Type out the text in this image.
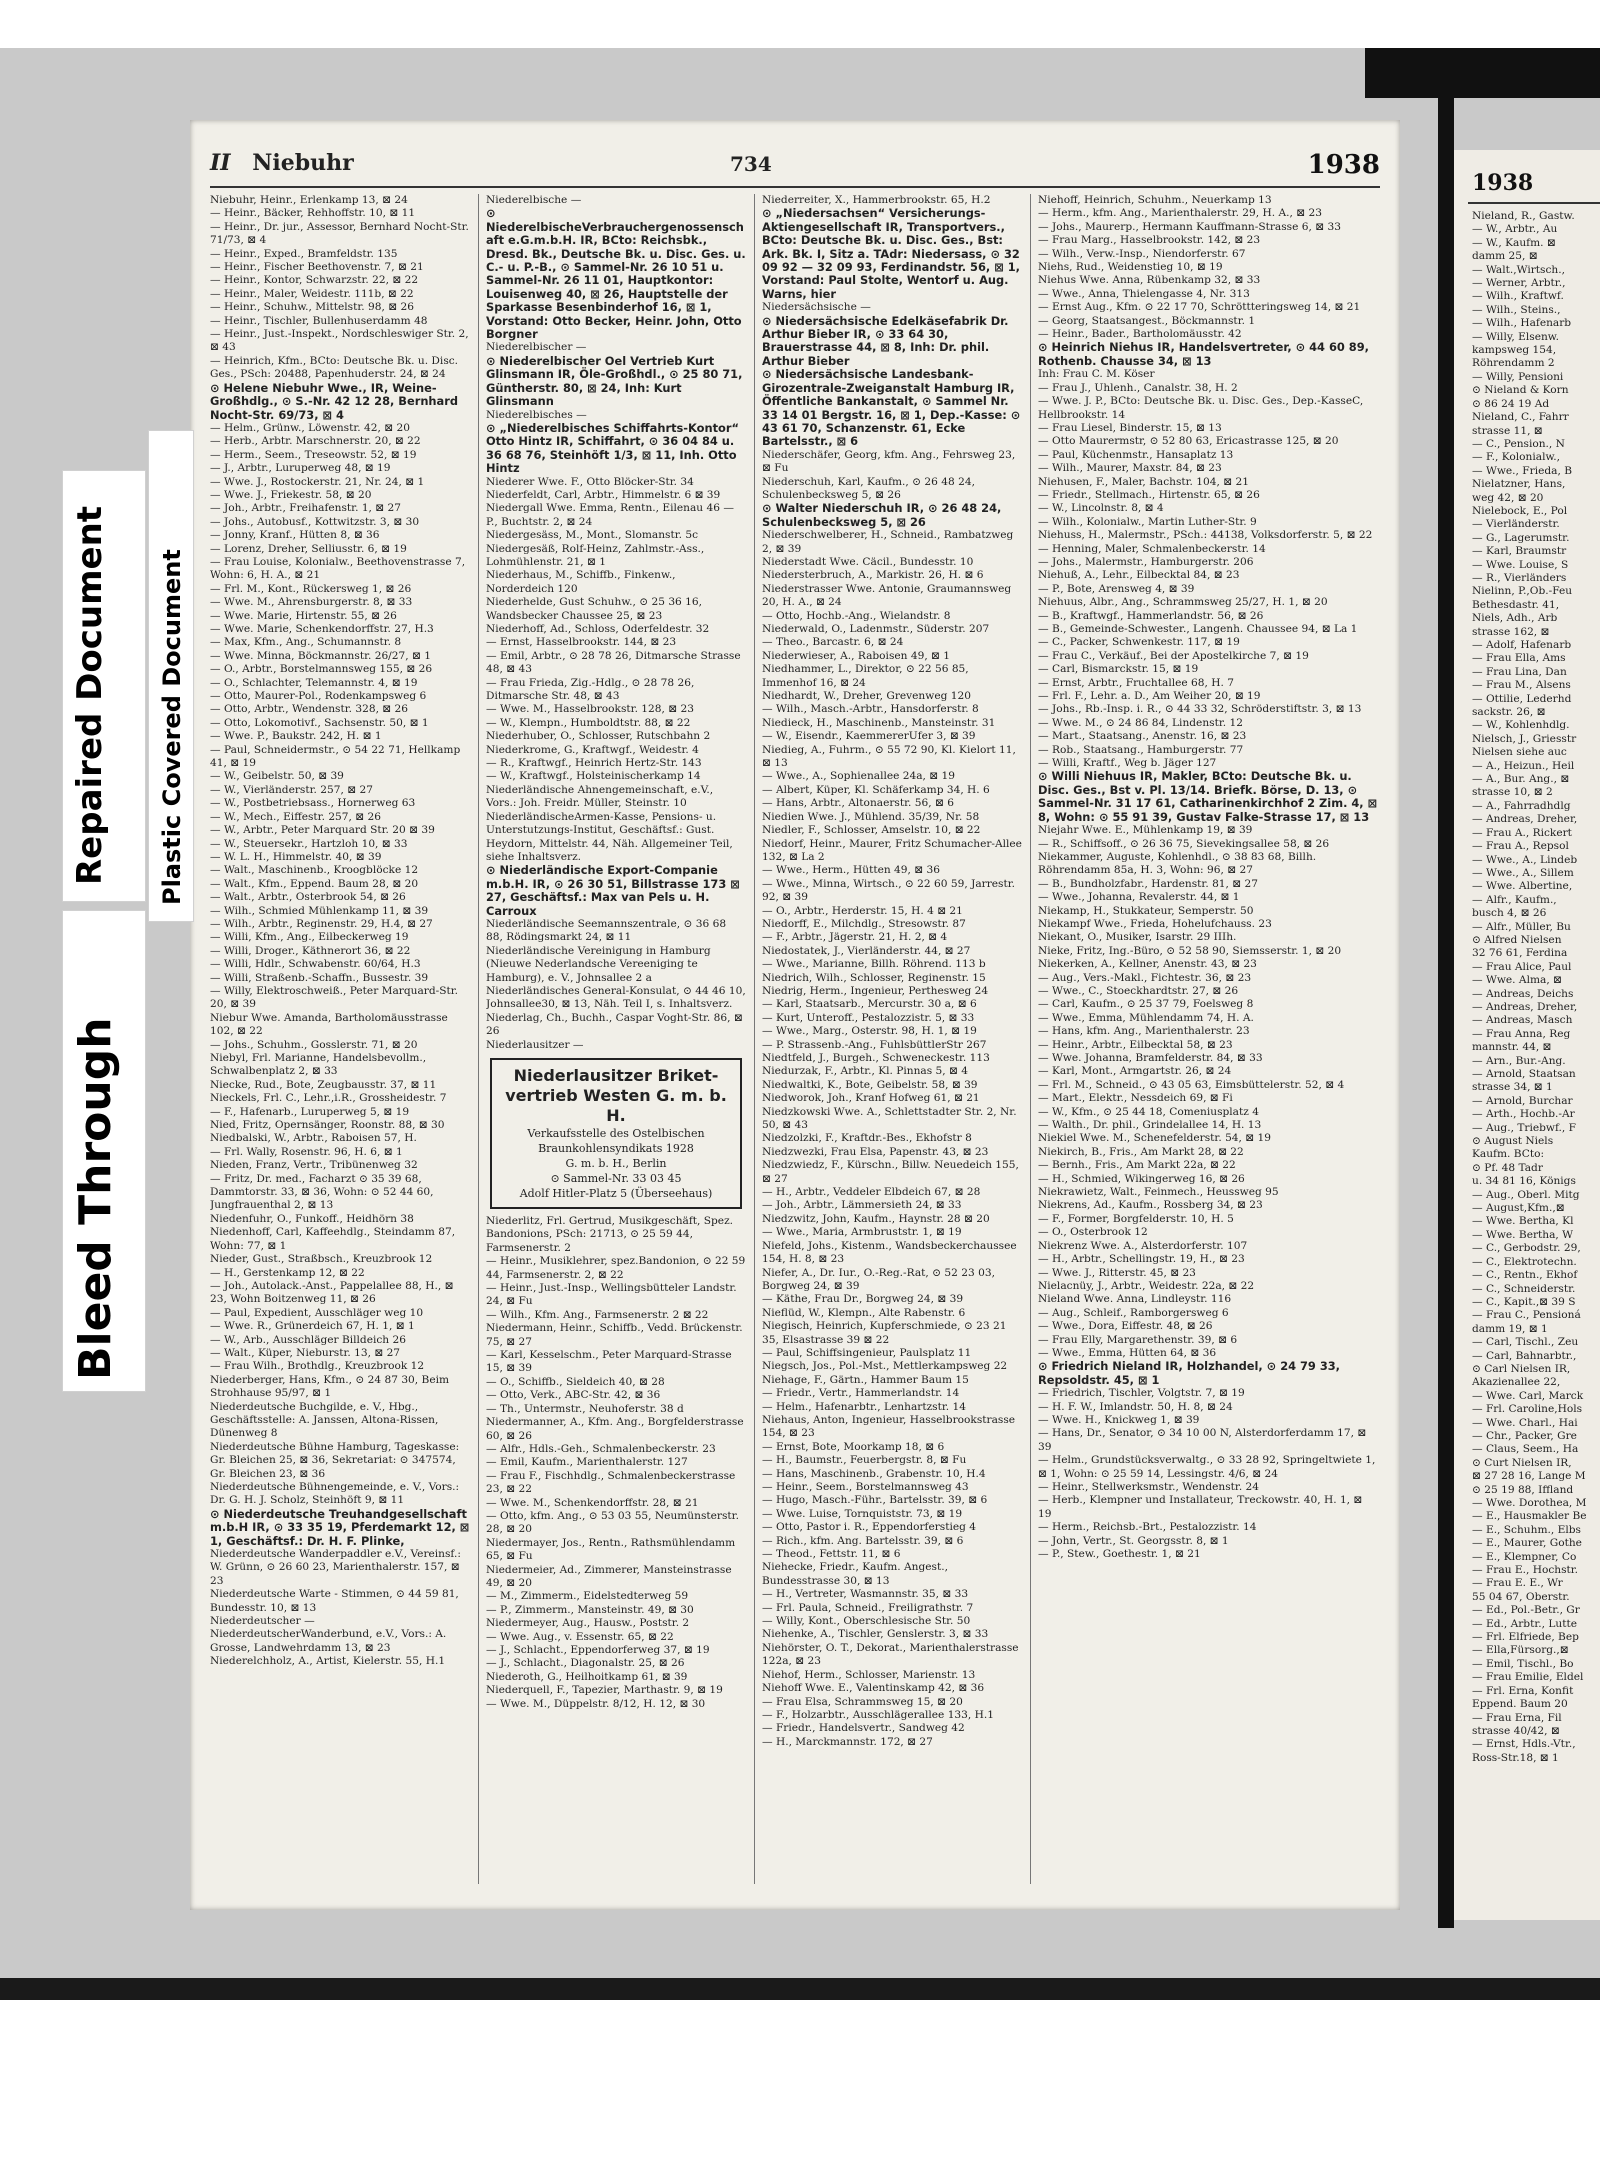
II Niebuhr	734	1938
Niebuhr, Heinr., Erlenkamp 13, ⊠ 24
— Heinr., Bäcker, Rehhoffstr. 10, ⊠ 11
— Heinr., Dr. jur., Assessor, Bernhard Nocht-Str. 71/73, ⊠ 4
— Heinr., Exped., Bramfeldstr. 135
— Heinr., Fischer Beethovenstr. 7, ⊠ 21
— Heinr., Kontor, Schwarzstr. 22, ⊠ 22
— Heinr., Maler, Weidestr. 111b, ⊠ 22
— Heinr., Schuhw., Mittelstr. 98, ⊠ 26
— Heinr., Tischler, Bullenhuserdamm 48
— Heinr., Just.-Inspekt., Nordschleswiger Str. 2, ⊠ 43
— Heinrich, Kfm., BCto: Deutsche Bk. u. Disc. Ges., PSch: 20488, Papenhuderstr. 24, ⊠ 24
⊙ Helene Niebuhr Wwe., IR, Weine-Großhdlg., ⊙ S.-Nr. 42 12 28, Bernhard Nocht-Str. 69/73, ⊠ 4
— Helm., Grünw., Löwenstr. 42, ⊠ 20
— Herb., Arbtr. Marschnerstr. 20, ⊠ 22
— Herm., Seem., Treseowstr. 52, ⊠ 19
— J., Arbtr., Luruperweg 48, ⊠ 19
— Wwe. J., Rostockerstr. 21, Nr. 24, ⊠ 1
— Wwe. J., Friekestr. 58, ⊠ 20
— Joh., Arbtr., Freihafenstr. 1, ⊠ 27
— Johs., Autobusf., Kottwitzstr. 3, ⊠ 30
— Jonny, Kranf., Hütten 8, ⊠ 36
— Lorenz, Dreher, Selliusstr. 6, ⊠ 19
— Frau Louise, Kolonialw., Beethovenstrasse 7, Wohn: 6, H. A., ⊠ 21
— Frl. M., Kont., Rückersweg 1, ⊠ 26
— Wwe. M., Ahrensburgerstr. 8, ⊠ 33
— Wwe. Marie, Hirtenstr. 55, ⊠ 26
— Wwe. Marie, Schenkendorffstr. 27, H.3
— Max, Kfm., Ang., Schumannstr. 8
— Wwe. Minna, Böckmannstr. 26/27, ⊠ 1
— O., Arbtr., Borstelmannsweg 155, ⊠ 26
— O., Schlachter, Telemannstr. 4, ⊠ 19
— Otto, Maurer-Pol., Rodenkampsweg 6
— Otto, Arbtr., Wendenstr. 328, ⊠ 26
— Otto, Lokomotivf., Sachsenstr. 50, ⊠ 1
— Wwe. P., Baukstr. 242, H. ⊠ 1
— Paul, Schneidermstr., ⊙ 54 22 71, Hellkamp 41, ⊠ 19
— W., Geibelstr. 50, ⊠ 39
— W., Vierländerstr. 257, ⊠ 27
— W., Postbetriebsass., Hornerweg 63
— W., Mech., Eiffestr. 257, ⊠ 26
— W., Arbtr., Peter Marquard Str. 20 ⊠ 39
— W., Steuersekr., Hartzloh 10, ⊠ 33
— W. L. H., Himmelstr. 40, ⊠ 39
— Walt., Maschinenb., Kroogblöcke 12
— Walt., Kfm., Eppend. Baum 28, ⊠ 20
— Walt., Arbtr., Osterbrook 54, ⊠ 26
— Wilh., Schmied Mühlenkamp 11, ⊠ 39
— Wilh., Arbtr., Reginenstr. 29, H.4, ⊠ 27
— Willi, Kfm., Ang., Eilbeckerweg 19
— Willi, Droger., Käthnerort 36, ⊠ 22
— Willi, Hdlr., Schwabenstr. 60/64, H.3
— Willi, Straßenb.-Schaffn., Bussestr. 39
— Willy, Elektroschweiß., Peter Marquard-Str. 20, ⊠ 39
Niebur Wwe. Amanda, Bartholomäusstrasse 102, ⊠ 22
— Johs., Schuhm., Gosslerstr. 71, ⊠ 20
Niebyl, Frl. Marianne, Handelsbevollm., Schwalbenplatz 2, ⊠ 33
Niecke, Rud., Bote, Zeugbausstr. 37, ⊠ 11
Nieckels, Frl. C., Lehr.,i.R., Grossheidestr. 7
— F., Hafenarb., Luruperweg 5, ⊠ 19
Nied, Fritz, Opernsänger, Roonstr. 88, ⊠ 30
Niedbalski, W., Arbtr., Raboisen 57, H.
— Frl. Wally, Rosenstr. 96, H. 6, ⊠ 1
Nieden, Franz, Vertr., Tribünenweg 32
— Fritz, Dr. med., Facharzt ⊙ 35 39 68, Dammtorstr. 33, ⊠ 36, Wohn: ⊙ 52 44 60, Jungfrauenthal 2, ⊠ 13
Niedenfuhr, O., Funkoff., Heidhörn 38
Niedenhoff, Carl, Kaffeehdlg., Steindamm 87, Wohn: 77, ⊠ 1
Nieder, Gust., Straßbsch., Kreuzbrook 12
— H., Gerstenkamp 12, ⊠ 22
— Joh., Autolack.-Anst., Pappelallee 88, H., ⊠ 23, Wohn Boitzenweg 11, ⊠ 26
— Paul, Expedient, Ausschläger weg 10
— Wwe. R., Grünerdeich 67, H. 1, ⊠ 1
— W., Arb., Ausschläger Billdeich 26
— Walt., Küper, Nieburstr. 13, ⊠ 27
— Frau Wilh., Brothdlg., Kreuzbrook 12
Niederberger, Hans, Kfm., ⊙ 24 87 30, Beim Strohhause 95/97, ⊠ 1
Niederdeutsche Buchgilde, e. V., Hbg., Geschäftsstelle: A. Janssen, Altona-Rissen, Dünenweg 8
Niederdeutsche Bühne Hamburg, Tageskasse: Gr. Bleichen 25, ⊠ 36, Sekretariat: ⊙ 347574, Gr. Bleichen 23, ⊠ 36
Niederdeutsche Bühnengemeinde, e. V., Vors.: Dr. G. H. J. Scholz, Steinhöft 9, ⊠ 11
⊙ Niederdeutsche Treuhandgesellschaft m.b.H IR, ⊙ 33 35 19, Pferdemarkt 12, ⊠ 1, Geschäftsf.: Dr. H. F. Plinke,
Niederdeutsche Wanderpaddler e.V., Vereinsf.: W. Grünn, ⊙ 26 60 23, Marienthalerstr. 157, ⊠ 23
Niederdeutsche Warte - Stimmen, ⊙ 44 59 81, Bundesstr. 10, ⊠ 13
Niederdeutscher —
NiederdeutscherWanderbund, e.V., Vors.: A. Grosse, Landwehrdamm 13, ⊠ 23
Niederelchholz, A., Artist, Kielerstr. 55, H.1
Niederelbische —
⊙ NiederelbischeVerbrauchergenossenschaft e.G.m.b.H. IR, BCto: Reichsbk., Dresd. Bk., Deutsche Bk. u. Disc. Ges. u. C.- u. P.-B., ⊙ Sammel-Nr. 26 10 51 u. Sammel-Nr. 26 11 01, Hauptkontor: Louisenweg 40, ⊠ 26, Hauptstelle der Sparkasse Besenbinderhof 16, ⊠ 1, Vorstand: Otto Becker, Heinr. John, Otto Borgner
Niederelbischer —
⊙ Niederelbischer Oel Vertrieb Kurt Glinsmann IR, Öle-Großhdl., ⊙ 25 80 71, Güntherstr. 80, ⊠ 24, Inh: Kurt Glinsmann
Niederelbisches —
⊙ „Niederelbisches Schiffahrts-Kontor“ Otto Hintz IR, Schiffahrt, ⊙ 36 04 84 u. 36 68 76, Steinhöft 1/3, ⊠ 11, Inh. Otto Hintz
Niederer Wwe. F., Otto Blöcker-Str. 34
Niederfeldt, Carl, Arbtr., Himmelstr. 6 ⊠ 39
Niedergall Wwe. Emma, Rentn., Eilenau 46 — P., Buchtstr. 2, ⊠ 24
Niedergesäss, M., Mont., Slomanstr. 5c
Niedergesäß, Rolf-Heinz, Zahlmstr.-Ass., Lohmühlenstr. 21, ⊠ 1
Niederhaus, M., Schiffb., Finkenw., Norderdeich 120
Niederhelde, Gust Schuhw., ⊙ 25 36 16, Wandsbecker Chaussee 25, ⊠ 23
Niederhoff, Ad., Schloss, Oderfeldestr. 32
— Ernst, Hasselbrookstr. 144, ⊠ 23
— Emil, Arbtr., ⊙ 28 78 26, Ditmarsche Strasse 48, ⊠ 43
— Frau Frieda, Zig.-Hdlg., ⊙ 28 78 26, Ditmarsche Str. 48, ⊠ 43
— Wwe. M., Hasselbrookstr. 128, ⊠ 23
— W., Klempn., Humboldtstr. 88, ⊠ 22
Niederhuber, O., Schlosser, Rutschbahn 2
Niederkrome, G., Kraftwgf., Weidestr. 4
— R., Kraftwgf., Heinrich Hertz-Str. 143
— W., Kraftwgf., Holsteinischerkamp 14
Niederländische Ahnengemeinschaft, e.V., Vors.: Joh. Freidr. Müller, Steinstr. 10
NiederländischeArmen-Kasse, Pensions- u. Unterstutzungs-Institut, Geschäftsf.: Gust. Heydorn, Mittelstr. 44, Näh. Allgemeiner Teil, siehe Inhaltsverz.
⊙ Niederländische Export-Companie m.b.H. IR, ⊙ 26 30 51, Billstrasse 173 ⊠ 27, Geschäftsf.: Max van Pels u. H. Carroux
Niederländische Seemannszentrale, ⊙ 36 68 88, Rödingsmarkt 24, ⊠ 11
Niederländische Vereinigung in Hamburg (Nieuwe Nederlandsche Vereeniging te Hamburg), e. V., Johnsallee 2 a
Niederländisches General-Konsulat, ⊙ 44 46 10, Johnsallee30, ⊠ 13, Näh. Teil I, s. Inhaltsverz.
Niederlag, Ch., Buchh., Caspar Voght-Str. 86, ⊠ 26
Niederlausitzer —
Niederlausitzer Briket-
vertrieb Westen G. m. b. H.
Verkaufsstelle des Ostelbischen
Braunkohlensyndikats 1928
G. m. b. H., Berlin
⊙ Sammel-Nr. 33 03 45
Adolf Hitler-Platz 5 (Überseehaus)
Niederlitz, Frl. Gertrud, Musikgeschäft, Spez. Bandonions, PSch: 21713, ⊙ 25 59 44, Farmsenerstr. 2
— Heinr., Musiklehrer, spez.Bandonion, ⊙ 22 59 44, Farmsenerstr. 2, ⊠ 22
— Heinr., Just.-Insp., Wellingsbütteler Landstr. 24, ⊠ Fu
— Wilh., Kfm. Ang., Farmsenerstr. 2 ⊠ 22
Niedermann, Heinr., Schiffb., Vedd. Brückenstr. 75, ⊠ 27
— Karl, Kesselschm., Peter Marquard-Strasse 15, ⊠ 39
— O., Schiffb., Sieldeich 40, ⊠ 28
— Otto, Verk., ABC-Str. 42, ⊠ 36
— Th., Untermstr., Neuhoferstr. 38 d
Niedermanner, A., Kfm. Ang., Borgfelderstrasse 60, ⊠ 26
— Alfr., Hdls.-Geh., Schmalenbeckerstr. 23
— Emil, Kaufm., Marienthalerstr. 127
— Frau F., Fischhdlg., Schmalenbeckerstrasse 23, ⊠ 22
— Wwe. M., Schenkendorffstr. 28, ⊠ 21
— Otto, kfm. Ang., ⊙ 53 03 55, Neumünsterstr. 28, ⊠ 20
Niedermayer, Jos., Rentn., Rathsmühlendamm 65, ⊠ Fu
Niedermeier, Ad., Zimmerer, Mansteinstrasse 49, ⊠ 20
— M., Zimmerm., Eidelstedterweg 59
— P., Zimmerm., Mansteinstr. 49, ⊠ 30
Niedermeyer, Aug., Hausw., Poststr. 2
— Wwe. Aug., v. Essenstr. 65, ⊠ 22
— J., Schlacht., Eppendorferweg 37, ⊠ 19
— J., Schlacht., Diagonalstr. 25, ⊠ 26
Niederoth, G., Heilhoitkamp 61, ⊠ 39
Niederquell, F., Tapezier, Marthastr. 9, ⊠ 19
— Wwe. M., Düppelstr. 8/12, H. 12, ⊠ 30
Niederreiter, X., Hammerbrookstr. 65, H.2
⊙ „Niedersachsen“ Versicherungs-Aktiengesellschaft IR, Transportvers., BCto: Deutsche Bk. u. Disc. Ges., Bst: Ark. Bk. I, Sitz a. TAdr: Niedersass, ⊙ 32 09 92 — 32 09 93, Ferdinandstr. 56, ⊠ 1, Vorstand: Paul Stolte, Wentorf u. Aug. Warns, hier
Niedersächsische —
⊙ Niedersächsische Edelkäsefabrik Dr. Arthur Bieber IR, ⊙ 33 64 30, Brauerstrasse 44, ⊠ 8, Inh: Dr. phil. Arthur Bieber
⊙ Niedersächsische Landesbank-Girozentrale-Zweiganstalt Hamburg IR, Öffentliche Bankanstalt, ⊙ Sammel Nr. 33 14 01 Bergstr. 16, ⊠ 1, Dep.-Kasse: ⊙ 43 61 70, Schanzenstr. 61, Ecke Bartelsstr., ⊠ 6
Niederschäfer, Georg, kfm. Ang., Fehrsweg 23, ⊠ Fu
Niederschuh, Karl, Kaufm., ⊙ 26 48 24, Schulenbecksweg 5, ⊠ 26
⊙ Walter Niederschuh IR, ⊙ 26 48 24, Schulenbecksweg 5, ⊠ 26
Niederschwelberer, H., Schneid., Rambatzweg 2, ⊠ 39
Niederstadt Wwe. Cäcil., Bundesstr. 10
Niedersterbruch, A., Markistr. 26, H. ⊠ 6
Niederstrasser Wwe. Antonie, Graumannsweg 20, H. A., ⊠ 24
— Otto, Hochb.-Ang., Wielandstr. 8
Niederwald, O., Ladenmstr., Süderstr. 207
— Theo., Barcastr. 6, ⊠ 24
Niederwieser, A., Raboisen 49, ⊠ 1
Niedhammer, L., Direktor, ⊙ 22 56 85, Immenhof 16, ⊠ 24
Niedhardt, W., Dreher, Grevenweg 120
— Wilh., Masch.-Arbtr., Hansdorferstr. 8
Niedieck, H., Maschinenb., Mansteinstr. 31
— W., Eisendr., KaemmererUfer 3, ⊠ 39
Niedieg, A., Fuhrm., ⊙ 55 72 90, Kl. Kielort 11, ⊠ 13
— Wwe., A., Sophienallee 24a, ⊠ 19
— Albert, Küper, Kl. Schäferkamp 34, H. 6
— Hans, Arbtr., Altonaerstr. 56, ⊠ 6
Niedien Wwe. J., Mühlend. 35/39, Nr. 58
Niedler, F., Schlosser, Amselstr. 10, ⊠ 22
Niedorf, Heinr., Maurer, Fritz Schumacher-Allee 132, ⊠ La 2
— Wwe., Herm., Hütten 49, ⊠ 36
— Wwe., Minna, Wirtsch., ⊙ 22 60 59, Jarrestr. 92, ⊠ 39
— O., Arbtr., Herderstr. 15, H. 4 ⊠ 21
Niedorff, E., Milchdlg., Stresowstr. 87
— F., Arbtr., Jägerstr. 21, H. 2, ⊠ 4
Niedostatek, J., Vierländerstr. 44, ⊠ 27
— Wwe., Marianne, Billh. Röhrend. 113 b
Niedrich, Wilh., Schlosser, Reginenstr. 15
Niedrig, Herm., Ingenieur, Perthesweg 24
— Karl, Staatsarb., Mercurstr. 30 a, ⊠ 6
— Kurt, Unteroff., Pestalozzistr. 5, ⊠ 33
— Wwe., Marg., Osterstr. 98, H. 1, ⊠ 19
— P. Strassenb.-Ang., FuhlsbüttlerStr 267
Niedtfeld, J., Burgeh., Schweneckestr. 113
Niedurzak, F., Arbtr., Kl. Pinnas 5, ⊠ 4
Niedwaltki, K., Bote, Geibelstr. 58, ⊠ 39
Niedworok, Joh., Kranf Hofweg 61, ⊠ 21
Niedzkowski Wwe. A., Schlettstadter Str. 2, Nr. 50, ⊠ 43
Niedzolzki, F., Kraftdr.-Bes., Ekhofstr 8
Niedzwezki, Frau Elsa, Papenstr. 43, ⊠ 23
Niedzwiedz, F., Kürschn., Billw. Neuedeich 155, ⊠ 27
— H., Arbtr., Veddeler Elbdeich 67, ⊠ 28
— Joh., Arbtr., Lämmersieth 24, ⊠ 33
Niedzwitz, John, Kaufm., Haynstr. 28 ⊠ 20
— Wwe., Maria, Armbruststr. 1, ⊠ 19
Niefeld, Johs., Kistenm., Wandsbeckerchaussee 154, H. 8, ⊠ 23
Niefer, A., Dr. Iur., O.-Reg.-Rat, ⊙ 52 23 03, Borgweg 24, ⊠ 39
— Käthe, Frau Dr., Borgweg 24, ⊠ 39
Nieflüd, W., Klempn., Alte Rabenstr. 6
Niegisch, Heinrich, Kupferschmiede, ⊙ 23 21 35, Elsastrasse 39 ⊠ 22
— Paul, Schiffsingenieur, Paulsplatz 11
Niegsch, Jos., Pol.-Mst., Mettlerkampsweg 22
Niehage, F., Gärtn., Hammer Baum 15
— Friedr., Vertr., Hammerlandstr. 14
— Helm., Hafenarbtr., Lenhartzstr. 14
Niehaus, Anton, Ingenieur, Hasselbrookstrasse 154, ⊠ 23
— Ernst, Bote, Moorkamp 18, ⊠ 6
— H., Baumstr., Feuerbergstr. 8, ⊠ Fu
— Hans, Maschinenb., Grabenstr. 10, H.4
— Heinr., Seem., Borstelmannsweg 43
— Hugo, Masch.-Führ., Bartelsstr. 39, ⊠ 6
— Wwe. Luise, Tornquiststr. 73, ⊠ 19
— Otto, Pastor i. R., Eppendorferstieg 4
— Rich., kfm. Ang. Bartelsstr. 39, ⊠ 6
— Theod., Fettstr. 11, ⊠ 6
Niehecke, Friedr., Kaufm. Angest., Bundesstrasse 30, ⊠ 13
— H., Vertreter, Wasmannstr. 35, ⊠ 33
— Frl. Paula, Schneid., Freiligrathstr. 7
— Willy, Kont., Oberschlesische Str. 50
Niehenke, A., Tischler, Genslerstr. 3, ⊠ 33
Niehörster, O. T., Dekorat., Marienthalerstrasse 122a, ⊠ 23
Niehof, Herm., Schlosser, Marienstr. 13
Niehoff Wwe. E., Valentinskamp 42, ⊠ 36
— Frau Elsa, Schrammsweg 15, ⊠ 20
— F., Holzarbtr., Ausschlägerallee 133, H.1
— Friedr., Handelsvertr., Sandweg 42
— H., Marckmannstr. 172, ⊠ 27
Niehoff, Heinrich, Schuhm., Neuerkamp 13
— Herm., kfm. Ang., Marienthalerstr. 29, H. A., ⊠ 23
— Johs., Maurerp., Hermann Kauffmann-Strasse 6, ⊠ 33
— Frau Marg., Hasselbrookstr. 142, ⊠ 23
— Wilh., Verw.-Insp., Niendorferstr. 67
Niehs, Rud., Weidenstieg 10, ⊠ 19
Niehus Wwe. Anna, Rübenkamp 32, ⊠ 33
— Wwe., Anna, Thielengasse 4, Nr. 313
— Ernst Aug., Kfm. ⊙ 22 17 70, Schröttteringsweg 14, ⊠ 21
— Georg, Staatsangest., Böckmannstr. 1
— Heinr., Bader., Bartholomäusstr. 42
⊙ Heinrich Niehus IR, Handelsvertreter, ⊙ 44 60 89, Rothenb. Chausse 34, ⊠ 13
Inh: Frau C. M. Köser
— Frau J., Uhlenh., Canalstr. 38, H. 2
— Wwe. J. P., BCto: Deutsche Bk. u. Disc. Ges., Dep.-KasseC, Hellbrookstr. 14
— Frau Liesel, Binderstr. 15, ⊠ 13
— Otto Maurermstr, ⊙ 52 80 63, Ericastrasse 125, ⊠ 20
— Paul, Küchenmstr., Hansaplatz 13
— Wilh., Maurer, Maxstr. 84, ⊠ 23
Niehusen, F., Maler, Bachstr. 104, ⊠ 21
— Friedr., Stellmach., Hirtenstr. 65, ⊠ 26
— W., Lincolnstr. 8, ⊠ 4
— Wilh., Kolonialw., Martin Luther-Str. 9
Niehuss, H., Malermstr., PSch.: 44138, Volksdorferstr. 5, ⊠ 22
— Henning, Maler, Schmalenbeckerstr. 14
— Johs., Malermstr., Hamburgerstr. 206
Niehuß, A., Lehr., Eilbecktal 84, ⊠ 23
— P., Bote, Arensweg 4, ⊠ 39
Niehuus, Albr., Ang., Schrammsweg 25/27, H. 1, ⊠ 20
— B., Kraftwgf., Hammerlandstr. 56, ⊠ 26
— B., Gemeinde-Schwester., Langenh. Chaussee 94, ⊠ La 1
— C., Packer, Schwenkestr. 117, ⊠ 19
— Frau C., Verkäuf., Bei der Apostelkirche 7, ⊠ 19
— Carl, Bismarckstr. 15, ⊠ 19
— Ernst, Arbtr., Fruchtallee 68, H. 7
— Frl. F., Lehr. a. D., Am Weiher 20, ⊠ 19
— Johs., Rb.-Insp. i. R., ⊙ 44 33 32, Schröderstiftstr. 3, ⊠ 13
— Wwe. M., ⊙ 24 86 84, Lindenstr. 12
— Mart., Staatsang., Anenstr. 16, ⊠ 23
— Rob., Staatsang., Hamburgerstr. 77
— Willi, Kraftf., Weg b. Jäger 127
⊙ Willi Niehuus IR, Makler, BCto: Deutsche Bk. u. Disc. Ges., Bst v. Pl. 13/14. Briefk. Börse, D. 13, ⊙ Sammel-Nr. 31 17 61, Catharinenkirchhof 2 Zim. 4, ⊠ 8, Wohn: ⊙ 55 91 39, Gustav Falke-Strasse 17, ⊠ 13
Niejahr Wwe. E., Mühlenkamp 19, ⊠ 39
— R., Schiffsoff., ⊙ 26 36 75, Sievekingsallee 58, ⊠ 26
Niekammer, Auguste, Kohlenhdl., ⊙ 38 83 68, Billh. Röhrendamm 85a, H. 3, Wohn: 96, ⊠ 27
— B., Bundholzfabr., Hardenstr. 81, ⊠ 27
— Wwe., Johanna, Revalerstr. 44, ⊠ 1
Niekamp, H., Stukkateur, Semperstr. 50
Niekampf Wwe., Frieda, Hohelufchauss. 23
Niekant, O., Musiker, Isarstr. 29 IIIh.
Nieke, Fritz, Ing.-Büro, ⊙ 52 58 90, Siemsserstr. 1, ⊠ 20
Niekerken, A., Kellner, Anenstr. 43, ⊠ 23
— Aug., Vers.-Makl., Fichtestr. 36, ⊠ 23
— Wwe., C., Stoeckhardtstr. 27, ⊠ 26
— Carl, Kaufm., ⊙ 25 37 79, Foelsweg 8
— Wwe., Emma, Mühlendamm 74, H. A.
— Hans, kfm. Ang., Marienthalerstr. 23
— Heinr., Arbtr., Eilbecktal 58, ⊠ 23
— Wwe. Johanna, Bramfelderstr. 84, ⊠ 33
— Karl, Mont., Armgartstr. 26, ⊠ 24
— Frl. M., Schneid., ⊙ 43 05 63, Eimsbüttelerstr. 52, ⊠ 4
— Mart., Elektr., Nessdeich 69, ⊠ Fi
— W., Kfm., ⊙ 25 44 18, Comeniusplatz 4
— Walth., Dr. phil., Grindelallee 14, H. 13
Niekiel Wwe. M., Schenefelderstr. 54, ⊠ 19
Niekirch, B., Fris., Am Markt 28, ⊠ 22
— Bernh., Fris., Am Markt 22a, ⊠ 22
— H., Schmied, Wikingerweg 16, ⊠ 26
Niekrawietz, Walt., Feinmech., Heussweg 95
Niekrens, Ad., Kaufm., Rossberg 34, ⊠ 23
— F., Former, Borgfelderstr. 10, H. 5
— O., Osterbrook 12
Niekrenz Wwe. A., Alsterdorferstr. 107
— H., Arbtr., Schellingstr. 19, H., ⊠ 23
— Wwe. J., Ritterstr. 45, ⊠ 23
Nielacnüy, J., Arbtr., Weidestr. 22a, ⊠ 22
Nieland Wwe. Anna, Lindleystr. 116
— Aug., Schleif., Ramborgersweg 6
— Wwe., Dora, Eiffestr. 48, ⊠ 26
— Frau Elly, Margarethenstr. 39, ⊠ 6
— Wwe., Emma, Hütten 64, ⊠ 36
⊙ Friedrich Nieland IR, Holzhandel, ⊙ 24 79 33, Repsoldstr. 45, ⊠ 1
— Friedrich, Tischler, Volgtstr. 7, ⊠ 19
— H. F. W., Imlandstr. 50, H. 8, ⊠ 24
— Wwe. H., Knickweg 1, ⊠ 39
— Hans, Dr., Senator, ⊙ 34 10 00 N, Alsterdorferdamm 17, ⊠ 39
— Helm., Grundstücksverwaltg., ⊙ 33 28 92, Springeltwiete 1, ⊠ 1, Wohn: ⊙ 25 59 14, Lessingstr. 4/6, ⊠ 24
— Heinr., Stellwerksmstr., Wendenstr. 24
— Herb., Klempner und Installateur, Treckowstr. 40, H. 1, ⊠ 19
— Herm., Reichsb.-Brt., Pestalozzistr. 14
— John, Vertr., St. Georgsstr. 8, ⊠ 1
— P., Stew., Goethestr. 1, ⊠ 21
1938
Nieland, R., Gastw.
— W., Arbtr., Au
— W., Kaufm. ⊠
damm 25, ⊠
— Walt.,Wirtsch.,
— Werner, Arbtr.,
— Wilh., Kraftwf.
— Wilh., Steins.,
— Wilh., Hafenarb
— Willy, Elsenw.
kampsweg 154,
Röhrendamm 2
— Willy, Pensioni
⊙ Nieland & Korn
⊙ 86 24 19 Ad
Nieland, C., Fahrr
strasse 11, ⊠
— C., Pension., N
— F., Kolonialw.,
— Wwe., Frieda, B
Nielatzner, Hans,
weg 42, ⊠ 20
Nielebock, E., Pol
— Vierländerstr.
— G., Lagerumstr.
— Karl, Braumstr
— Wwe. Louise, S
— R., Vierländers
Nielinn, P.,Ob.-Feu
Bethesdastr. 41,
Niels, Adh., Arb
strasse 162, ⊠
— Adolf, Hafenarb
— Frau Ella, Ams
— Frau Lina, Dan
— Frau M., Alsens
— Ottilie, Lederhd
sackstr. 26, ⊠
— W., Kohlenhdlg.
Nielsch, J., Griesstr
Nielsen siehe auc
— A., Heizun., Heil
— A., Bur. Ang., ⊠
strasse 10, ⊠ 2
— A., Fahrradhdlg
— Andreas, Dreher,
— Frau A., Rickert
— Frau A., Repsol
— Wwe., A., Lindeb
— Wwe., A., Sillem
— Wwe. Albertine,
— Alfr., Kaufm.,
busch 4, ⊠ 26
— Alfr., Müller, Bu
⊙ Alfred Nielsen
32 76 61, Ferdina
— Frau Alice, Paul
— Wwe. Alma, ⊠
— Andreas, Deichs
— Andreas, Dreher,
— Andreas, Masch
— Frau Anna, Reg
mannstr. 44, ⊠
— Arn., Bur.-Ang.
— Arnold, Staatsan
strasse 34, ⊠ 1
— Arnold, Burchar
— Arth., Hochb.-Ar
— Aug., Triebwf., F
⊙ August Niels
Kaufm. BCto:
⊙ Pf. 48 Tadr
u. 34 81 16, Königs
— Aug., Oberl. Mitg
— August,Kfm.,⊠
— Wwe. Bertha, Kl
— Wwe. Bertha, W
— C., Gerbodstr. 29,
— C., Elektrotechn.
— C., Rentn., Ekhof
— C., Schneiderstr.
— C., Kapit.,⊠ 39 S
— Frau C., Pensioná
damm 19, ⊠ 1
— Carl, Tischl., Zeu
— Carl, Bahnarbtr.,
⊙ Carl Nielsen IR,
Akazienallee 22,
— Wwe. Carl, Marck
— Frl. Caroline,Hols
— Wwe. Charl., Hai
— Chr., Packer, Gre
— Claus, Seem., Ha
⊙ Curt Nielsen IR,
⊠ 27 28 16, Lange M
⊙ 25 19 88, Iffland
— Wwe. Dorothea, M
— E., Hausmakler Be
— E., Schuhm., Elbs
— E., Maurer, Gothe
— E., Klempner, Co
— Frau E., Hochstr.
— Frau E. E., Wr
55 04 67, Oberstr.
— Ed., Pol.-Betr., Gr
— Ed., Arbtr., Lutte
— Frl. Elfriede, Bep
— Ella,Fürsorg.,⊠
— Emil, Tischl., Bo
— Frau Emilie, Eldel
— Frl. Erna, Konfit
Eppend. Baum 20
— Frau Erna, Fil
strasse 40/42, ⊠
— Ernst, Hdls.-Vtr.,
Ross-Str.18, ⊠ 1
Repaired Document Plastic Covered Document
Bleed Through
